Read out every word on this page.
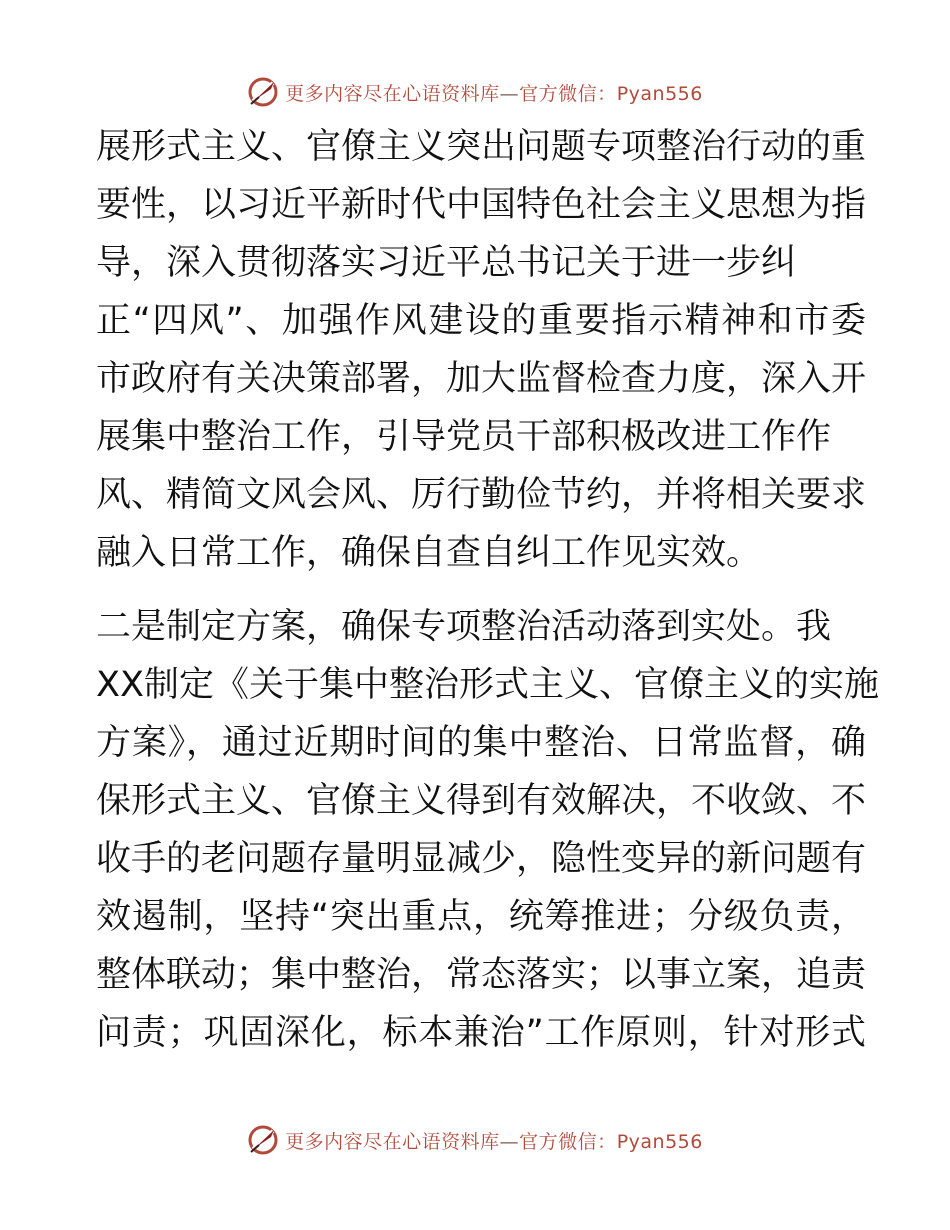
更多内容尽在心语资料库—官方微信：Pyan556
展形式主义、官僚主义突出问题专项整治行动的重
要性，以习近平新时代中国特色社会主义思想为指
导，深入贯彻落实习近平总书记关于进一步纠
正“四风”、加强作风建设的重要指示精神和市委
市政府有关决策部署，加大监督检查力度，深入开
展集中整治工作，引导党员干部积极改进工作作
风、精简文风会风、厉行勤俭节约，并将相关要求
融入日常工作，确保自查自纠工作见实效。
二是制定方案，确保专项整治活动落到实处。我
XX制定《关于集中整治形式主义、官僚主义的实施
方案》，通过近期时间的集中整治、日常监督，确
保形式主义、官僚主义得到有效解决，不收敛、不
收手的老问题存量明显减少，隐性变异的新问题有
效遏制，坚持“突出重点，统筹推进；分级负责，
整体联动；集中整治，常态落实；以事立案，追责
问责；巩固深化，标本兼治”工作原则，针对形式
更多内容尽在心语资料库—官方微信：Pyan556
